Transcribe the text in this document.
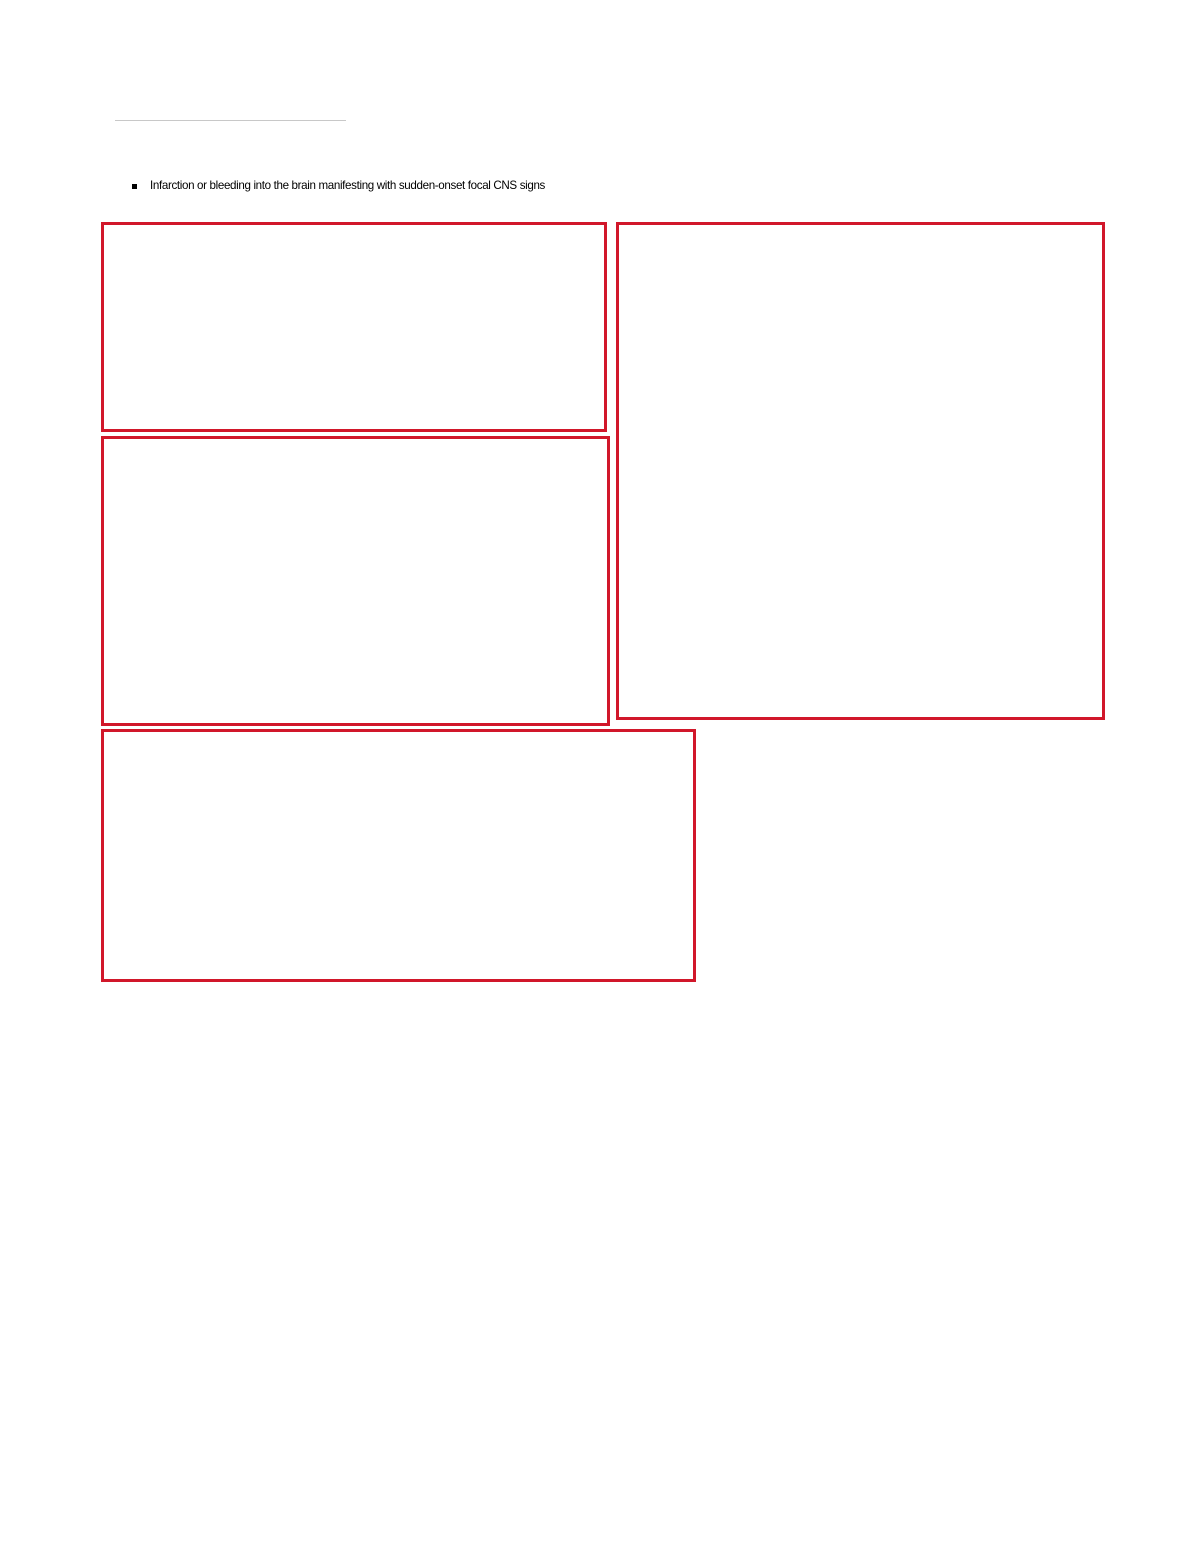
Infarction or bleeding into the brain manifesting with sudden-onset focal CNS signs
